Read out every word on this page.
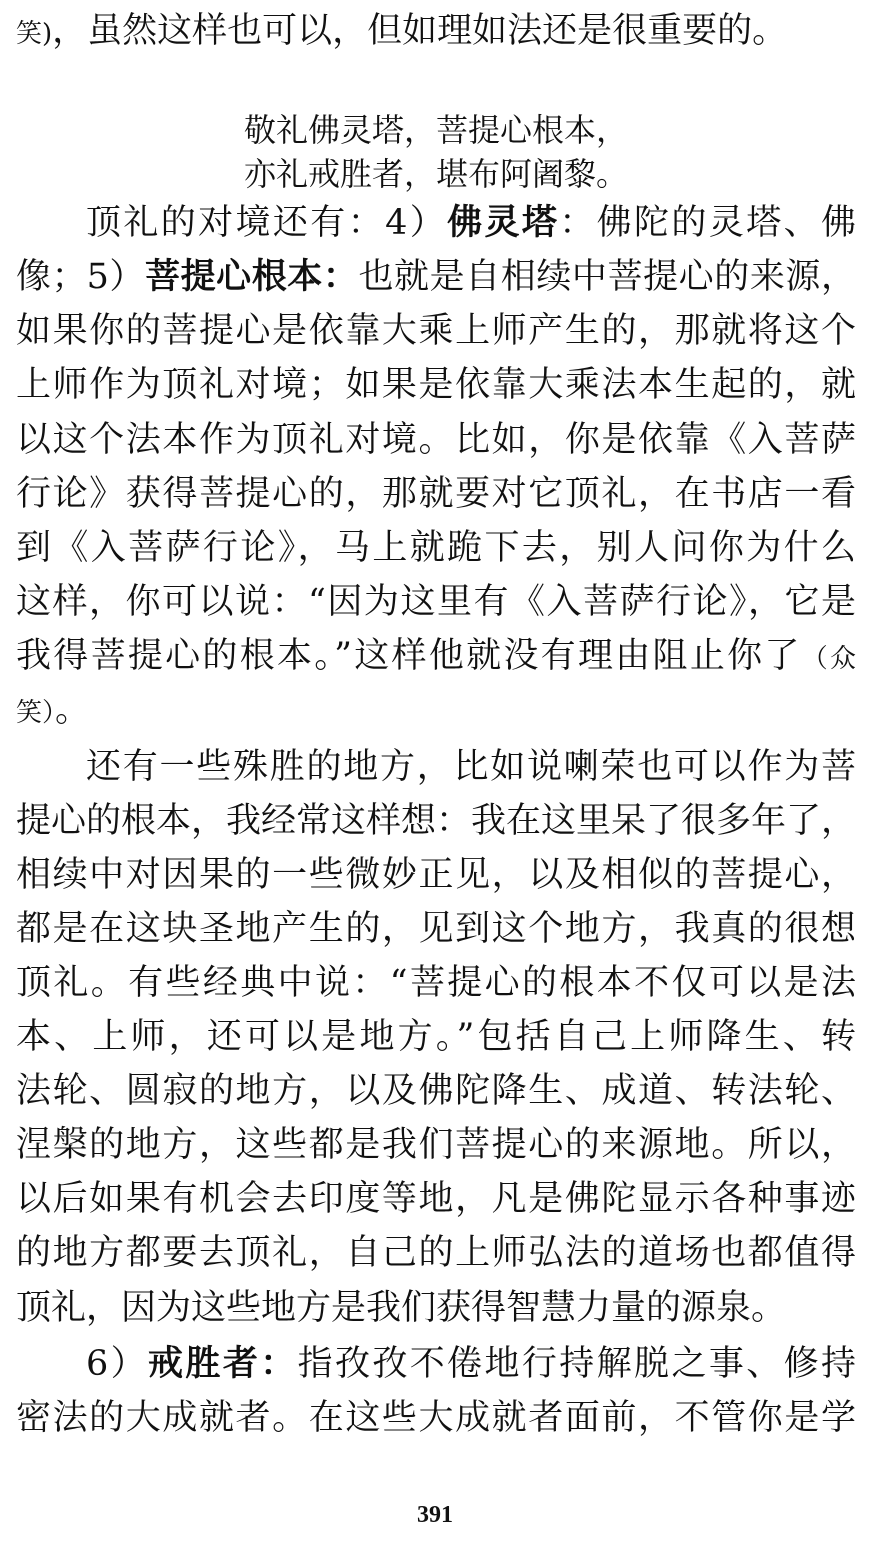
笑)，虽然这样也可以，但如理如法还是很重要的。
敬礼佛灵塔，菩提心根本，
亦礼戒胜者，堪布阿阇黎。
顶礼的对境还有：4）佛灵塔：佛陀的灵塔、佛
像；5）菩提心根本：也就是自相续中菩提心的来源，
如果你的菩提心是依靠大乘上师产生的，那就将这个
上师作为顶礼对境；如果是依靠大乘法本生起的，就
以这个法本作为顶礼对境。比如，你是依靠《入菩萨
行论》获得菩提心的，那就要对它顶礼，在书店一看
到《入菩萨行论》，马上就跪下去，别人问你为什么
这样，你可以说：“因为这里有《入菩萨行论》，它是
我得菩提心的根本。”这样他就没有理由阻止你了（众
笑）。
还有一些殊胜的地方，比如说喇荣也可以作为菩
提心的根本，我经常这样想：我在这里呆了很多年了，
相续中对因果的一些微妙正见，以及相似的菩提心，
都是在这块圣地产生的，见到这个地方，我真的很想
顶礼。有些经典中说：“菩提心的根本不仅可以是法
本、上师，还可以是地方。”包括自己上师降生、转
法轮、圆寂的地方，以及佛陀降生、成道、转法轮、
涅槃的地方，这些都是我们菩提心的来源地。所以，
以后如果有机会去印度等地，凡是佛陀显示各种事迹
的地方都要去顶礼，自己的上师弘法的道场也都值得
顶礼，因为这些地方是我们获得智慧力量的源泉。
6）戒胜者：指孜孜不倦地行持解脱之事、修持
密法的大成就者。在这些大成就者面前，不管你是学
391
